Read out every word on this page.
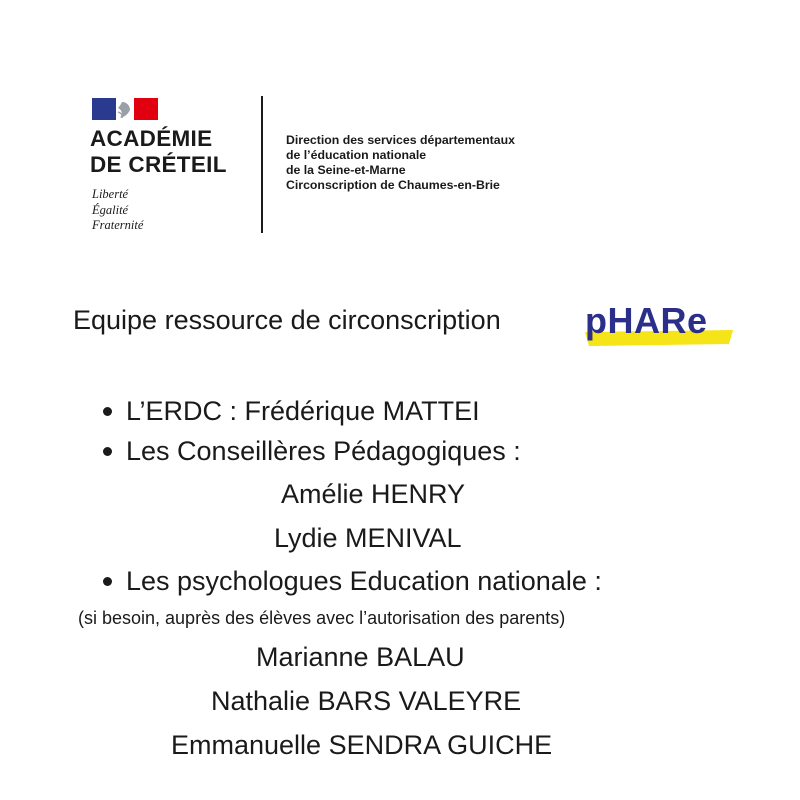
ACADÉMIE
DE CRÉTEIL
Liberté
Égalité
Fraternité
Direction des services départementaux
de l’éducation nationale
de la Seine-et-Marne
Circonscription de Chaumes-en-Brie
Equipe ressource de circonscription pHARe
L’ERDC : Frédérique MATTEI
Les Conseillères Pédagogiques :
Amélie HENRY
Lydie MENIVAL
Les psychologues Education nationale :
(si besoin, auprès des élèves avec l’autorisation des parents)
Marianne BALAU
Nathalie BARS VALEYRE
Emmanuelle SENDRA GUICHE
